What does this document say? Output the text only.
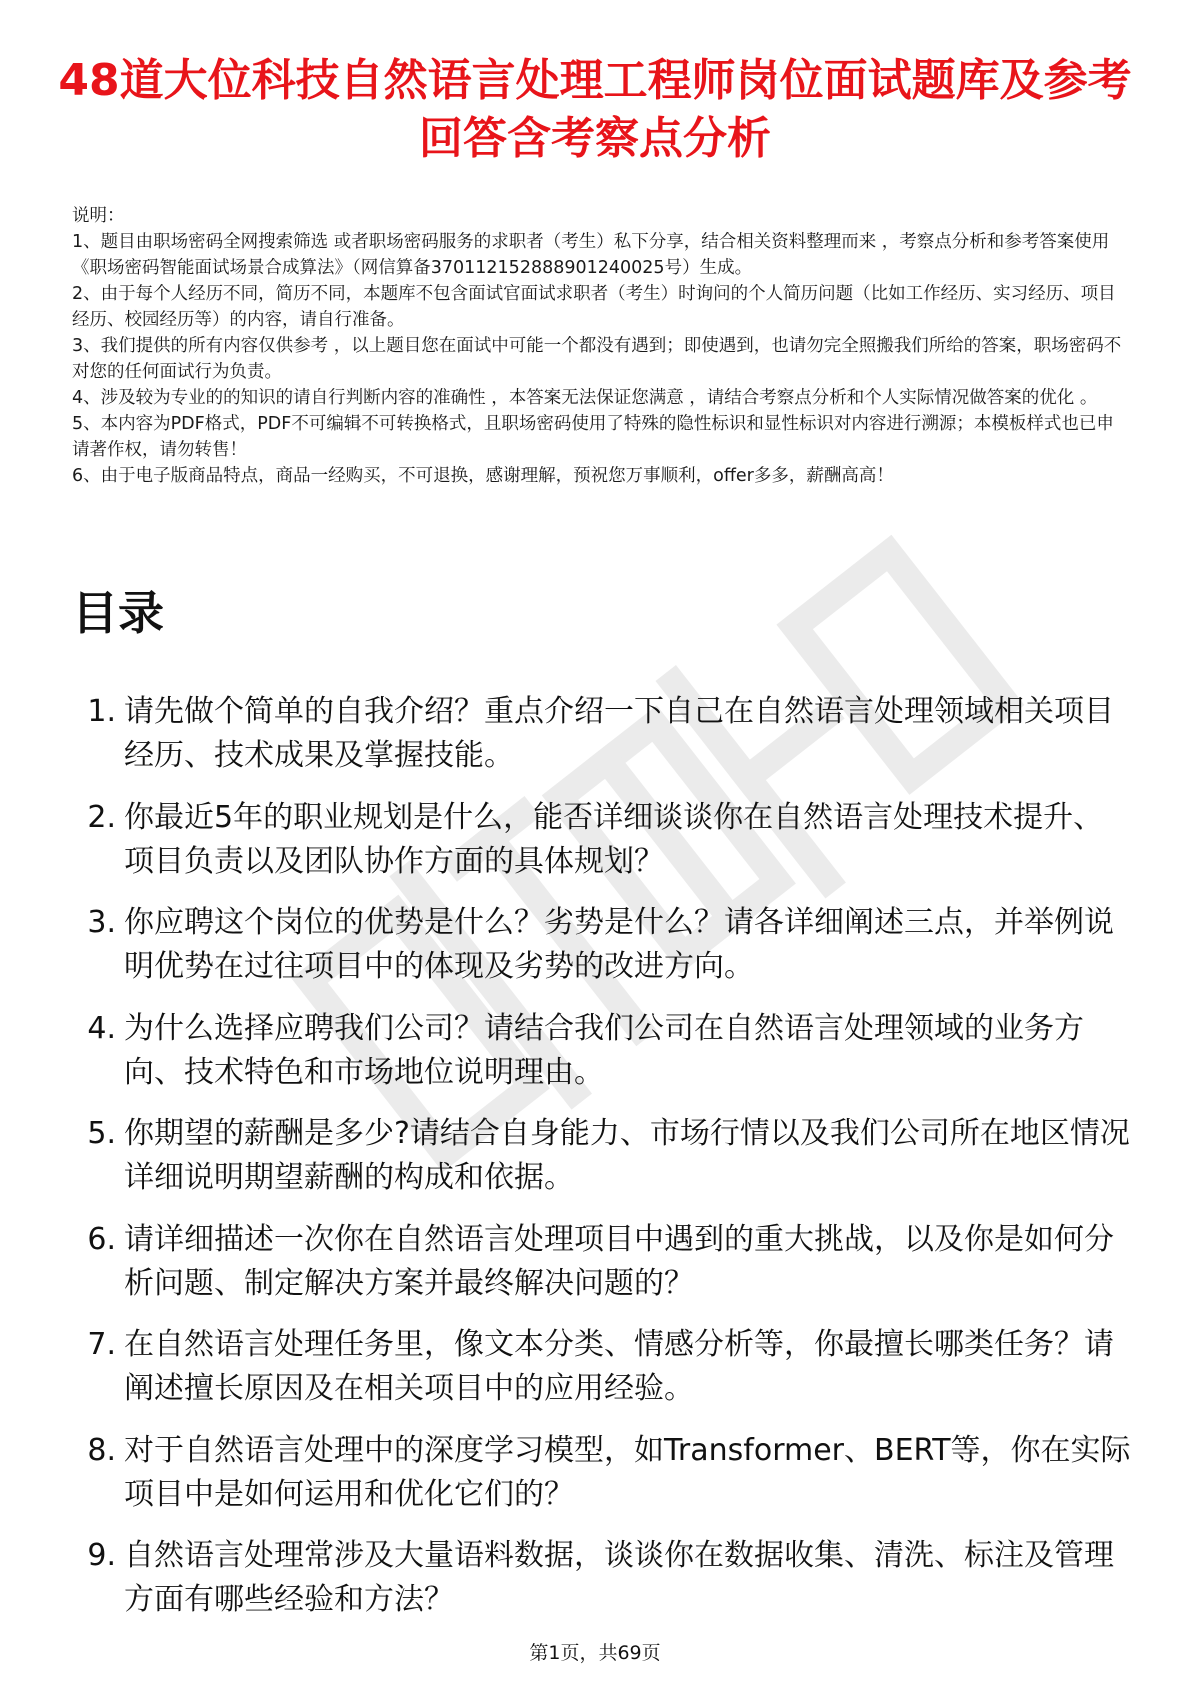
48道大位科技自然语言处理工程师岗位面试题库及参考回答含考察点分析

说明：

1、题目由职场密码全网搜索筛选 或者职场密码服务的求职者（考生）私下分享，结合相关资料整理而来 ，考察点分析和参考答案使用《职场密码智能面试场景合成算法》（网信算备370112152888901240025号）生成。

2、由于每个人经历不同，简历不同，本题库不包含面试官面试求职者（考生）时询问的个人简历问题（比如工作经历、实习经历、项目经历、校园经历等）的内容，请自行准备。

3、我们提供的所有内容仅供参考 ，以上题目您在面试中可能一个都没有遇到；即使遇到，也请勿完全照搬我们所给的答案，职场密码不对您的任何面试行为负责。

4、涉及较为专业的的知识的请自行判断内容的准确性 ，本答案无法保证您满意 ，请结合考察点分析和个人实际情况做答案的优化 。

5、本内容为PDF格式，PDF不可编辑不可转换格式，且职场密码使用了特殊的隐性标识和显性标识对内容进行溯源；本模板样式也已申请著作权，请勿转售！

6、由于电子版商品特点，商品一经购买，不可退换，感谢理解，预祝您万事顺利，offer多多，薪酬高高！

目录
1. 请先做个简单的自我介绍？重点介绍一下自己在自然语言处理领域相关项目经历、技术成果及掌握技能。
2. 你最近5年的职业规划是什么，能否详细谈谈你在自然语言处理技术提升、项目负责以及团队协作方面的具体规划？
3. 你应聘这个岗位的优势是什么？劣势是什么？请各详细阐述三点，并举例说明优势在过往项目中的体现及劣势的改进方向。
4. 为什么选择应聘我们公司？请结合我们公司在自然语言处理领域的业务方向、技术特色和市场地位说明理由。
5. 你期望的薪酬是多少?请结合自身能力、市场行情以及我们公司所在地区情况详细说明期望薪酬的构成和依据。
6. 请详细描述一次你在自然语言处理项目中遇到的重大挑战，以及你是如何分析问题、制定解决方案并最终解决问题的？
7. 在自然语言处理任务里，像文本分类、情感分析等，你最擅长哪类任务？请阐述擅长原因及在相关项目中的应用经验。
8. 对于自然语言处理中的深度学习模型，如Transformer、BERT等，你在实际项目中是如何运用和优化它们的？
9. 自然语言处理常涉及大量语料数据，谈谈你在数据收集、清洗、标注及管理方面有哪些经验和方法？
第1页，共69页
